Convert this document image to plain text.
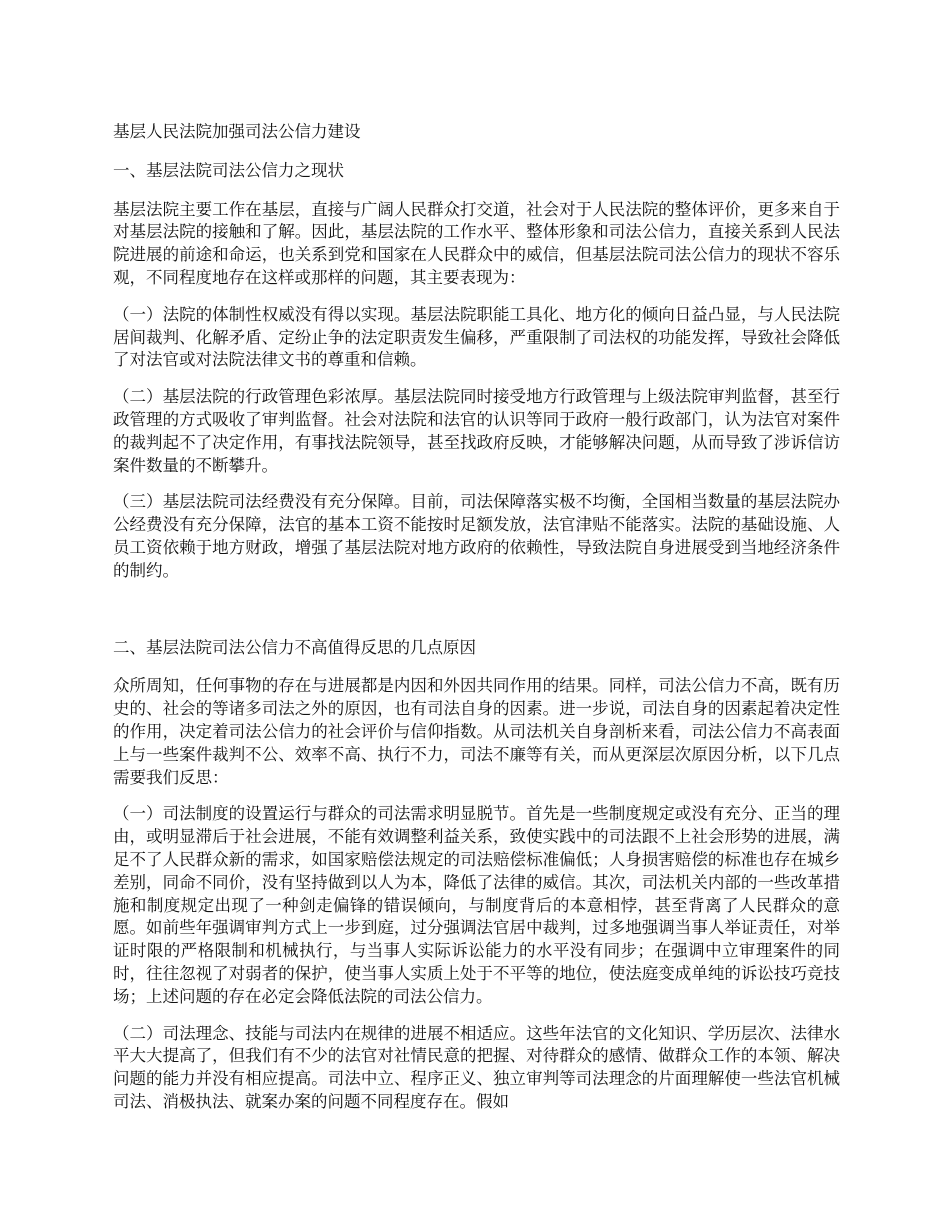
基层人民法院加强司法公信力建设

一、基层法院司法公信力之现状

基层法院主要工作在基层，直接与广阔人民群众打交道，社会对于人民法院的整体评价，更多来自于对基层法院的接触和了解。因此，基层法院的工作水平、整体形象和司法公信力，直接关系到人民法院进展的前途和命运，也关系到党和国家在人民群众中的威信，但基层法院司法公信力的现状不容乐观，不同程度地存在这样或那样的问题，其主要表现为：

（一）法院的体制性权威没有得以实现。基层法院职能工具化、地方化的倾向日益凸显，与人民法院居间裁判、化解矛盾、定纷止争的法定职责发生偏移，严重限制了司法权的功能发挥，导致社会降低了对法官或对法院法律文书的尊重和信赖。

（二）基层法院的行政管理色彩浓厚。基层法院同时接受地方行政管理与上级法院审判监督，甚至行政管理的方式吸收了审判监督。社会对法院和法官的认识等同于政府一般行政部门，认为法官对案件的裁判起不了决定作用，有事找法院领导，甚至找政府反映，才能够解决问题，从而导致了涉诉信访案件数量的不断攀升。

（三）基层法院司法经费没有充分保障。目前，司法保障落实极不均衡，全国相当数量的基层法院办公经费没有充分保障，法官的基本工资不能按时足额发放，法官津贴不能落实。法院的基础设施、人员工资依赖于地方财政，增强了基层法院对地方政府的依赖性，导致法院自身进展受到当地经济条件的制约。

二、基层法院司法公信力不高值得反思的几点原因

众所周知，任何事物的存在与进展都是内因和外因共同作用的结果。同样，司法公信力不高，既有历史的、社会的等诸多司法之外的原因，也有司法自身的因素。进一步说，司法自身的因素起着决定性的作用，决定着司法公信力的社会评价与信仰指数。从司法机关自身剖析来看，司法公信力不高表面上与一些案件裁判不公、效率不高、执行不力，司法不廉等有关，而从更深层次原因分析，以下几点需要我们反思：

（一）司法制度的设置运行与群众的司法需求明显脱节。首先是一些制度规定或没有充分、正当的理由，或明显滞后于社会进展，不能有效调整利益关系，致使实践中的司法跟不上社会形势的进展，满足不了人民群众新的需求，如国家赔偿法规定的司法赔偿标准偏低；人身损害赔偿的标准也存在城乡差别，同命不同价，没有坚持做到以人为本，降低了法律的威信。其次，司法机关内部的一些改革措施和制度规定出现了一种剑走偏锋的错误倾向，与制度背后的本意相悖，甚至背离了人民群众的意愿。如前些年强调审判方式上一步到庭，过分强调法官居中裁判，过多地强调当事人举证责任，对举证时限的严格限制和机械执行，与当事人实际诉讼能力的水平没有同步；在强调中立审理案件的同时，往往忽视了对弱者的保护，使当事人实质上处于不平等的地位，使法庭变成单纯的诉讼技巧竞技场；上述问题的存在必定会降低法院的司法公信力。

（二）司法理念、技能与司法内在规律的进展不相适应。这些年法官的文化知识、学历层次、法律水平大大提高了，但我们有不少的法官对社情民意的把握、对待群众的感情、做群众工作的本领、解决问题的能力并没有相应提高。司法中立、程序正义、独立审判等司法理念的片面理解使一些法官机械司法、消极执法、就案办案的问题不同程度存在。假如
